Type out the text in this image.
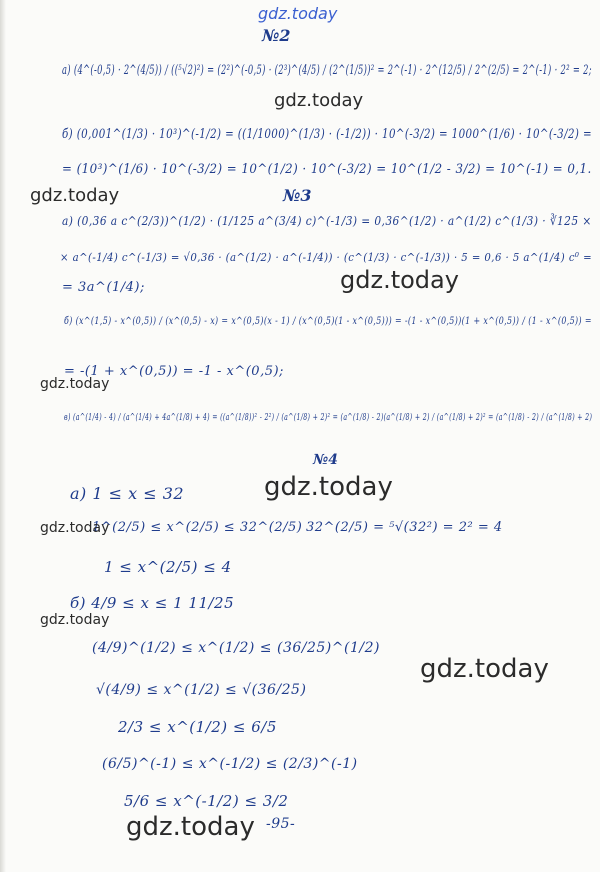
gdz.today
№2
№3
№4
а) (4^(-0,5) · 2^(4/5)) / ((⁵√2)²) = (2²)^(-0,5) · (2³)^(4/5) / (2^(1/5))² = 2^(-1) · 2^(12/5) / 2^(2/5) = 2^(-1) · 2² = 2;
б) (0,001^(1/3) · 10³)^(-1/2) = ((1/1000)^(1/3) · (-1/2)) · 10^(-3/2) = 1000^(1/6) · 10^(-3/2) =
= (10³)^(1/6) · 10^(-3/2) = 10^(1/2) · 10^(-3/2) = 10^(1/2 - 3/2) = 10^(-1) = 0,1.
а) (0,36 a c^(2/3))^(1/2) · (1/125 a^(3/4) c)^(-1/3) = 0,36^(1/2) · a^(1/2) c^(1/3) · ∛125 ×
× a^(-1/4) c^(-1/3) = √0,36 · (a^(1/2) · a^(-1/4)) · (c^(1/3) · c^(-1/3)) · 5 = 0,6 · 5 a^(1/4) c⁰ =
= 3a^(1/4);
б) (x^(1,5) - x^(0,5)) / (x^(0,5) - x) = x^(0,5)(x - 1) / (x^(0,5)(1 - x^(0,5))) = -(1 - x^(0,5))(1 + x^(0,5)) / (1 - x^(0,5)) =
= -(1 + x^(0,5)) = -1 - x^(0,5);
в) (a^(1/4) - 4) / (a^(1/4) + 4a^(1/8) + 4) = ((a^(1/8))² - 2²) / (a^(1/8) + 2)² = (a^(1/8) - 2)(a^(1/8) + 2) / (a^(1/8) + 2)² = (a^(1/8) - 2) / (a^(1/8) + 2)
а) 1 ≤ x ≤ 32
1^(2/5) ≤ x^(2/5) ≤ 32^(2/5) 32^(2/5) = ⁵√(32²) = 2² = 4
1 ≤ x^(2/5) ≤ 4
б) 4/9 ≤ x ≤ 1 11/25
(4/9)^(1/2) ≤ x^(1/2) ≤ (36/25)^(1/2)
√(4/9) ≤ x^(1/2) ≤ √(36/25)
2/3 ≤ x^(1/2) ≤ 6/5
(6/5)^(-1) ≤ x^(-1/2) ≤ (2/3)^(-1)
5/6 ≤ x^(-1/2) ≤ 3/2
-95-
gdz.today
gdz.today
gdz.today
gdz.today
gdz.today
gdz.today
gdz.today
gdz.today
gdz.today
